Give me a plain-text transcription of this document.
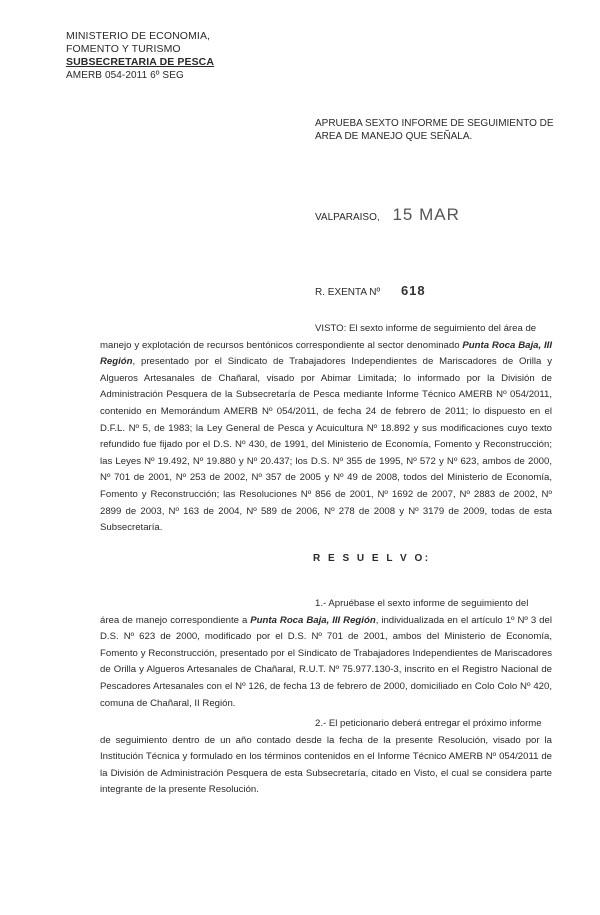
MINISTERIO DE ECONOMIA,
FOMENTO Y TURISMO
SUBSECRETARIA DE PESCA
AMERB 054-2011 6º SEG
APRUEBA SEXTO INFORME DE SEGUIMIENTO DE AREA DE MANEJO QUE SEÑALA.
VALPARAISO, 15 MAR
R. EXENTA Nº 618

VISTO: El sexto informe de seguimiento del área de

manejo y explotación de recursos bentónicos correspondiente al sector denominado Punta Roca Baja, III Región, presentado por el Sindicato de Trabajadores Independientes de Mariscadores de Orilla y Algueros Artesanales de Chañaral, visado por Abimar Limitada; lo informado por la División de Administración Pesquera de la Subsecretaría de Pesca mediante Informe Técnico AMERB Nº 054/2011, contenido en Memorándum AMERB Nº 054/2011, de fecha 24 de febrero de 2011; lo dispuesto en el D.F.L. Nº 5, de 1983; la Ley General de Pesca y Acuicultura Nº 18.892 y sus modificaciones cuyo texto refundido fue fijado por el D.S. Nº 430, de 1991, del Ministerio de Economía, Fomento y Reconstrucción; las Leyes Nº 19.492, Nº 19.880 y Nº 20.437; los D.S. Nº 355 de 1995, Nº 572 y Nº 623, ambos de 2000, Nº 701 de 2001, Nº 253 de 2002, Nº 357 de 2005 y Nº 49 de 2008, todos del Ministerio de Economía, Fomento y Reconstrucción; las Resoluciones Nº 856 de 2001, Nº 1692 de 2007, Nº 2883 de 2002, Nº 2899 de 2003, Nº 163 de 2004, Nº 589 de 2006, Nº 278 de 2008 y Nº 3179 de 2009, todas de esta Subsecretaría.

R E S U E L V O:

1.- Apruébase el sexto informe de seguimiento del

área de manejo correspondiente a Punta Roca Baja, III Región, individualizada en el artículo 1º Nº 3 del D.S. Nº 623 de 2000, modificado por el D.S. Nº 701 de 2001, ambos del Ministerio de Economía, Fomento y Reconstrucción, presentado por el Sindicato de Trabajadores Independientes de Mariscadores de Orilla y Algueros Artesanales de Chañaral, R.U.T. Nº 75.977.130-3, inscrito en el Registro Nacional de Pescadores Artesanales con el Nº 126, de fecha 13 de febrero de 2000, domiciliado en Colo Colo Nº 420, comuna de Chañaral, II Región.

2.- El peticionario deberá entregar el próximo informe

de seguimiento dentro de un año contado desde la fecha de la presente Resolución, visado por la Institución Técnica y formulado en los términos contenidos en el Informe Técnico AMERB Nº 054/2011 de la División de Administración Pesquera de esta Subsecretaría, citado en Visto, el cual se considera parte integrante de la presente Resolución.
